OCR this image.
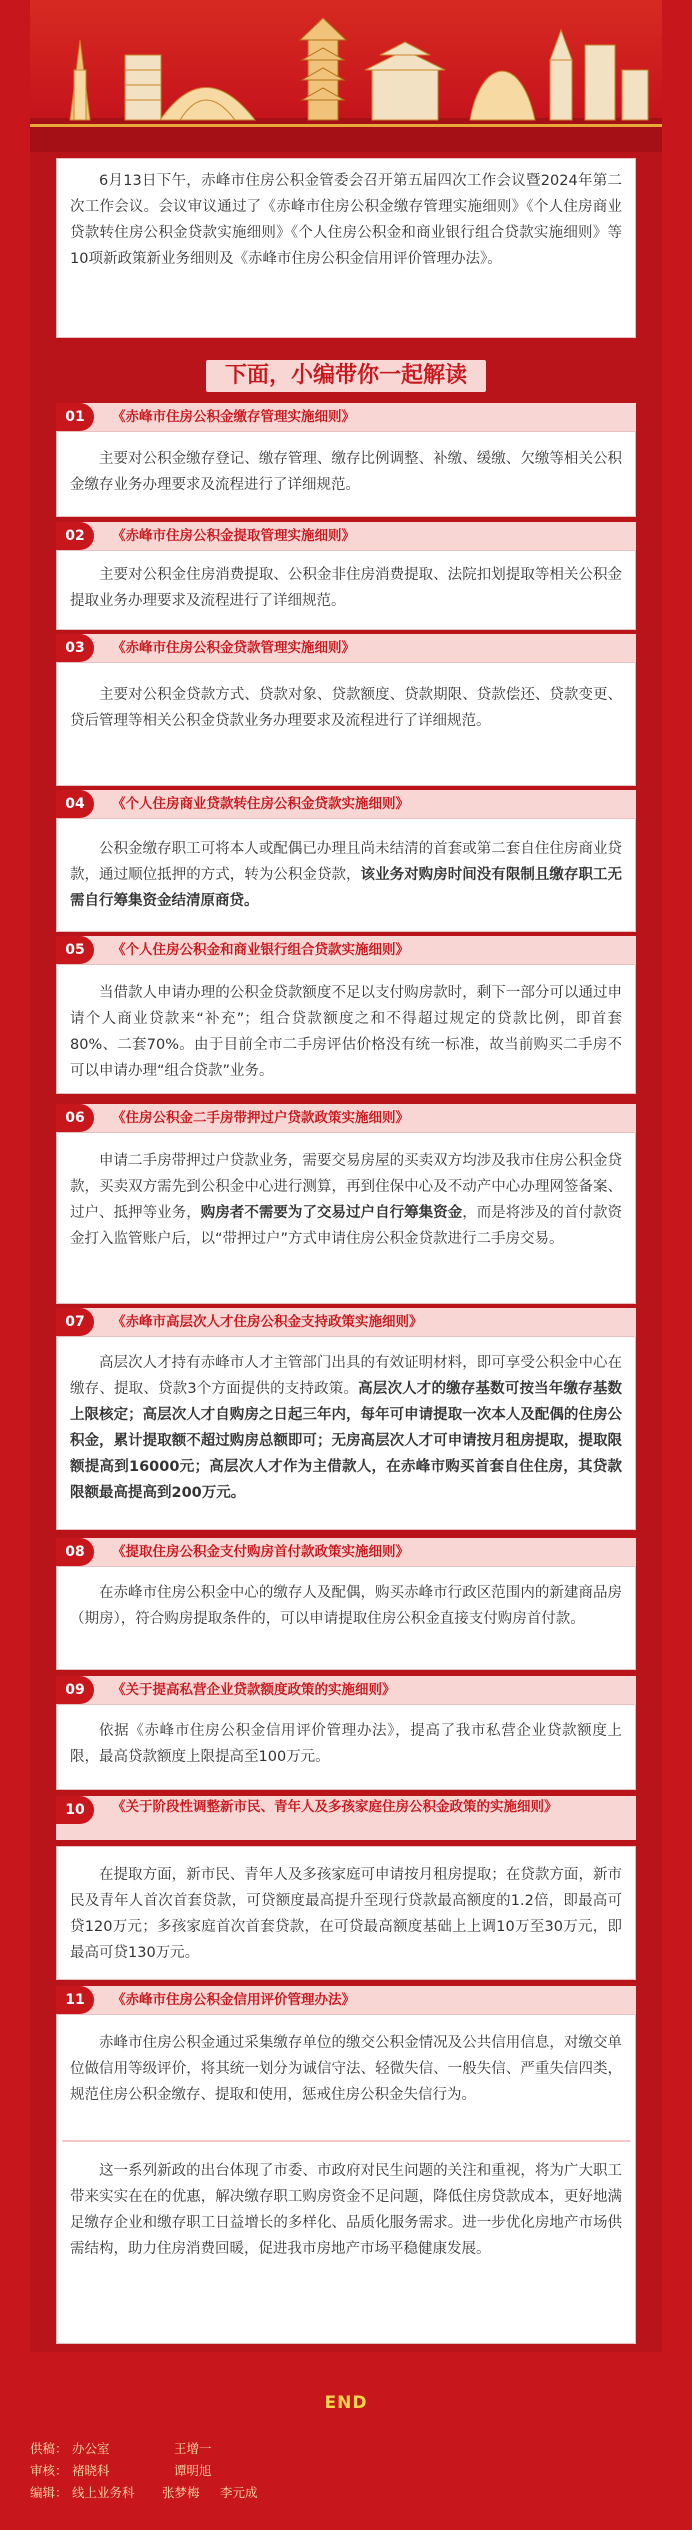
6月13日下午，赤峰市住房公积金管委会召开第五届四次工作会议暨2024年第二次工作会议。会议审议通过了《赤峰市住房公积金缴存管理实施细则》《个人住房商业贷款转住房公积金贷款实施细则》《个人住房公积金和商业银行组合贷款实施细则》等10项新政策新业务细则及《赤峰市住房公积金信用评价管理办法》。

下面，小编带你一起解读
01	《赤峰市住房公积金缴存管理实施细则》

主要对公积金缴存登记、缴存管理、缴存比例调整、补缴、缓缴、欠缴等相关公积金缴存业务办理要求及流程进行了详细规范。

02	《赤峰市住房公积金提取管理实施细则》

主要对公积金住房消费提取、公积金非住房消费提取、法院扣划提取等相关公积金提取业务办理要求及流程进行了详细规范。

03	《赤峰市住房公积金贷款管理实施细则》

主要对公积金贷款方式、贷款对象、贷款额度、贷款期限、贷款偿还、贷款变更、贷后管理等相关公积金贷款业务办理要求及流程进行了详细规范。

04	《个人住房商业贷款转住房公积金贷款实施细则》

公积金缴存职工可将本人或配偶已办理且尚未结清的首套或第二套自住住房商业贷款，通过顺位抵押的方式，转为公积金贷款，该业务对购房时间没有限制且缴存职工无需自行筹集资金结清原商贷。

05	《个人住房公积金和商业银行组合贷款实施细则》

当借款人申请办理的公积金贷款额度不足以支付购房款时，剩下一部分可以通过申请个人商业贷款来“补充”；组合贷款额度之和不得超过规定的贷款比例，即首套80%、二套70%。由于目前全市二手房评估价格没有统一标准，故当前购买二手房不可以申请办理“组合贷款”业务。

06	《住房公积金二手房带押过户贷款政策实施细则》

申请二手房带押过户贷款业务，需要交易房屋的买卖双方均涉及我市住房公积金贷款，买卖双方需先到公积金中心进行测算，再到住保中心及不动产中心办理网签备案、过户、抵押等业务，购房者不需要为了交易过户自行筹集资金，而是将涉及的首付款资金打入监管账户后，以“带押过户”方式申请住房公积金贷款进行二手房交易。

07	《赤峰市高层次人才住房公积金支持政策实施细则》

高层次人才持有赤峰市人才主管部门出具的有效证明材料，即可享受公积金中心在缴存、提取、贷款3个方面提供的支持政策。高层次人才的缴存基数可按当年缴存基数上限核定；高层次人才自购房之日起三年内，每年可申请提取一次本人及配偶的住房公积金，累计提取额不超过购房总额即可；无房高层次人才可申请按月租房提取，提取限额提高到16000元；高层次人才作为主借款人，在赤峰市购买首套自住住房，其贷款限额最高提高到200万元。

08	《提取住房公积金支付购房首付款政策实施细则》

在赤峰市住房公积金中心的缴存人及配偶，购买赤峰市行政区范围内的新建商品房（期房），符合购房提取条件的，可以申请提取住房公积金直接支付购房首付款。

09	《关于提高私营企业贷款额度政策的实施细则》

依据《赤峰市住房公积金信用评价管理办法》，提高了我市私营企业贷款额度上限，最高贷款额度上限提高至100万元。

10	《关于阶段性调整新市民、青年人及多孩家庭住房公积金政策的实施细则》

在提取方面，新市民、青年人及多孩家庭可申请按月租房提取；在贷款方面，新市民及青年人首次首套贷款，可贷额度最高提升至现行贷款最高额度的1.2倍，即最高可贷120万元；多孩家庭首次首套贷款，在可贷最高额度基础上上调10万至30万元，即最高可贷130万元。

11	《赤峰市住房公积金信用评价管理办法》

赤峰市住房公积金通过采集缴存单位的缴交公积金情况及公共信用信息，对缴交单位做信用等级评价，将其统一划分为诚信守法、轻微失信、一般失信、严重失信四类，规范住房公积金缴存、提取和使用，惩戒住房公积金失信行为。

这一系列新政的出台体现了市委、市政府对民生问题的关注和重视，将为广大职工带来实实在在的优惠，解决缴存职工购房资金不足问题，降低住房贷款成本，更好地满足缴存企业和缴存职工日益增长的多样化、品质化服务需求。进一步优化房地产市场供需结构，助力住房消费回暖，促进我市房地产市场平稳健康发展。

END
供稿： 办公室	王增一
审核： 褚晓科	谭明旭
编辑： 线上业务科 张梦梅 李元成
